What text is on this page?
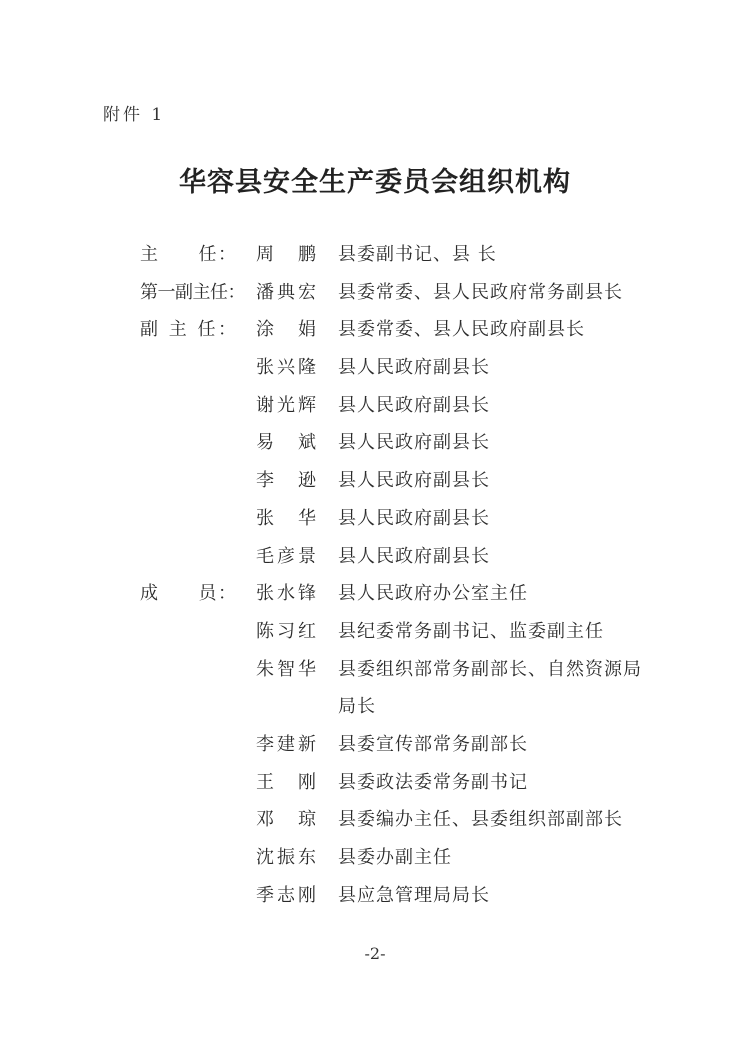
附件 1
华容县安全生产委员会组织机构
主　　任： 周　鹏 县委副书记、县 长
第一副主任： 潘典宏 县委常委、县人民政府常务副县长
副 主 任： 涂　娟 县委常委、县人民政府副县长
张兴隆 县人民政府副县长
谢光辉 县人民政府副县长
易　斌 县人民政府副县长
李　逊 县人民政府副县长
张　华 县人民政府副县长
毛彦景 县人民政府副县长
成　　员： 张水锋 县人民政府办公室主任
陈习红 县纪委常务副书记、监委副主任
朱智华 县委组织部常务副部长、自然资源局局长
李建新 县委宣传部常务副部长
王　刚 县委政法委常务副书记
邓　琼 县委编办主任、县委组织部副部长
沈振东 县委办副主任
季志刚 县应急管理局局长
-2-
